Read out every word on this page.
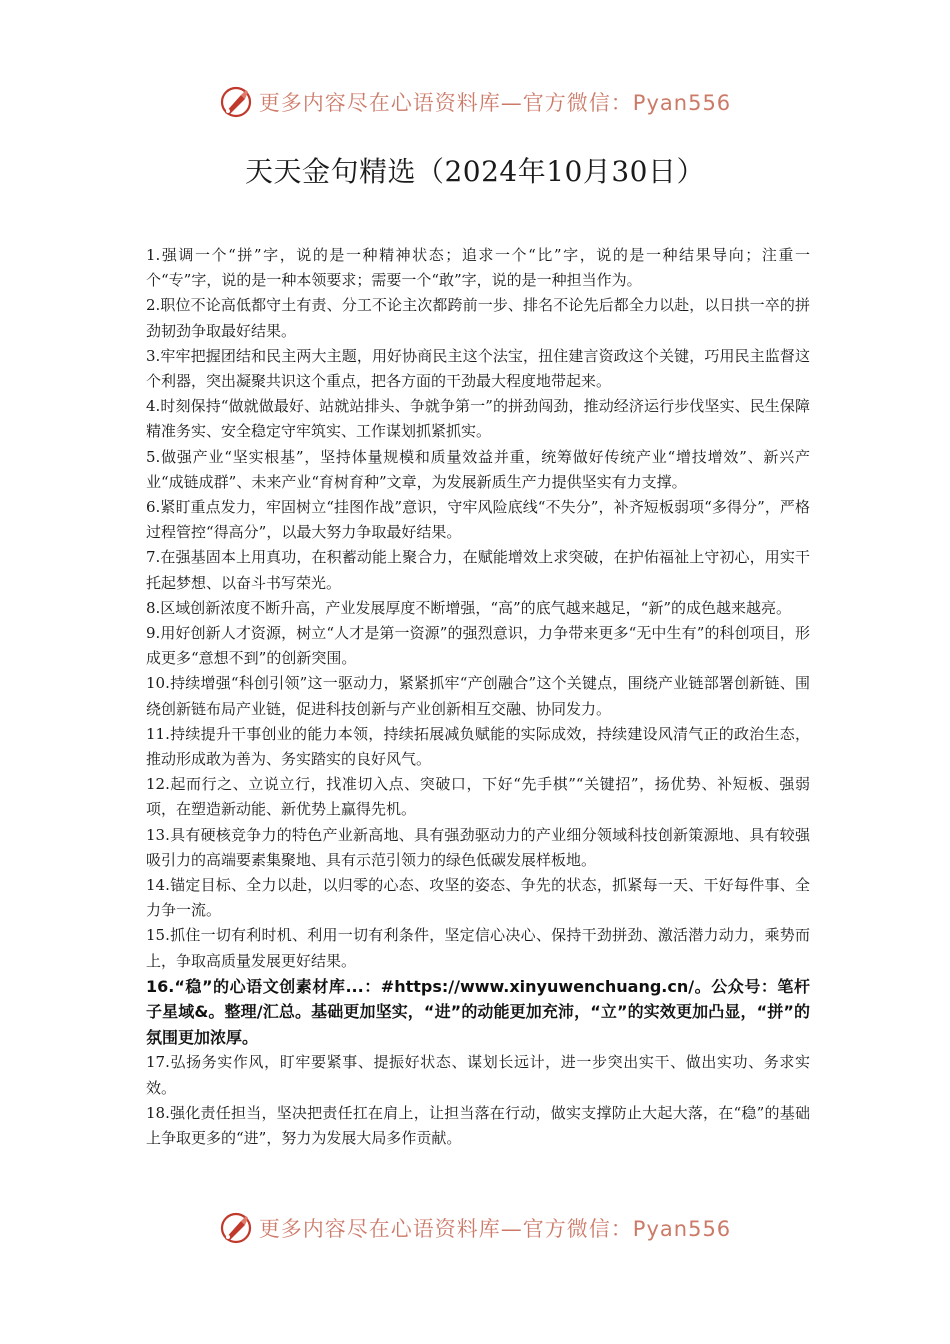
更多内容尽在心语资料库—官方微信：Pyan556
天天金句精选（2024年10月30日）
1.强调一个“拼”字，说的是一种精神状态；追求一个“比”字，说的是一种结果导向；注重一个“专”字，说的是一种本领要求；需要一个“敢”字，说的是一种担当作为。
2.职位不论高低都守土有责、分工不论主次都跨前一步、排名不论先后都全力以赴，以日拱一卒的拼劲韧劲争取最好结果。
3.牢牢把握团结和民主两大主题，用好协商民主这个法宝，扭住建言资政这个关键，巧用民主监督这个利器，突出凝聚共识这个重点，把各方面的干劲最大程度地带起来。
4.时刻保持“做就做最好、站就站排头、争就争第一”的拼劲闯劲，推动经济运行步伐坚实、民生保障精准务实、安全稳定守牢筑实、工作谋划抓紧抓实。
5.做强产业“坚实根基”，坚持体量规模和质量效益并重，统筹做好传统产业“增技增效”、新兴产业“成链成群”、未来产业“育树育种”文章，为发展新质生产力提供坚实有力支撑。
6.紧盯重点发力，牢固树立“挂图作战”意识，守牢风险底线“不失分”，补齐短板弱项“多得分”，严格过程管控“得高分”，以最大努力争取最好结果。
7.在强基固本上用真功，在积蓄动能上聚合力，在赋能增效上求突破，在护佑福祉上守初心，用实干托起梦想、以奋斗书写荣光。
8.区域创新浓度不断升高，产业发展厚度不断增强，“高”的底气越来越足，“新”的成色越来越亮。
9.用好创新人才资源，树立“人才是第一资源”的强烈意识，力争带来更多“无中生有”的科创项目，形成更多“意想不到”的创新突围。
10.持续增强“科创引领”这一驱动力，紧紧抓牢“产创融合”这个关键点，围绕产业链部署创新链、围绕创新链布局产业链，促进科技创新与产业创新相互交融、协同发力。
11.持续提升干事创业的能力本领，持续拓展减负赋能的实际成效，持续建设风清气正的政治生态，推动形成敢为善为、务实踏实的良好风气。
12.起而行之、立说立行，找准切入点、突破口，下好“先手棋”“关键招”，扬优势、补短板、强弱项，在塑造新动能、新优势上赢得先机。
13.具有硬核竞争力的特色产业新高地、具有强劲驱动力的产业细分领域科技创新策源地、具有较强吸引力的高端要素集聚地、具有示范引领力的绿色低碳发展样板地。
14.锚定目标、全力以赴，以归零的心态、攻坚的姿态、争先的状态，抓紧每一天、干好每件事、全力争一流。
15.抓住一切有利时机、利用一切有利条件，坚定信心决心、保持干劲拼劲、激活潜力动力，乘势而上，争取高质量发展更好结果。
16.“稳”的心语文创素材库...：#https://www.xinyuwenchuang.cn/。公众号：笔杆子星域&。整理/汇总。基础更加坚实，“进”的动能更加充沛，“立”的实效更加凸显，“拼”的氛围更加浓厚。
17.弘扬务实作风，盯牢要紧事、提振好状态、谋划长远计，进一步突出实干、做出实功、务求实效。
18.强化责任担当，坚决把责任扛在肩上，让担当落在行动，做实支撑防止大起大落，在“稳”的基础上争取更多的“进”，努力为发展大局多作贡献。
更多内容尽在心语资料库—官方微信：Pyan556
